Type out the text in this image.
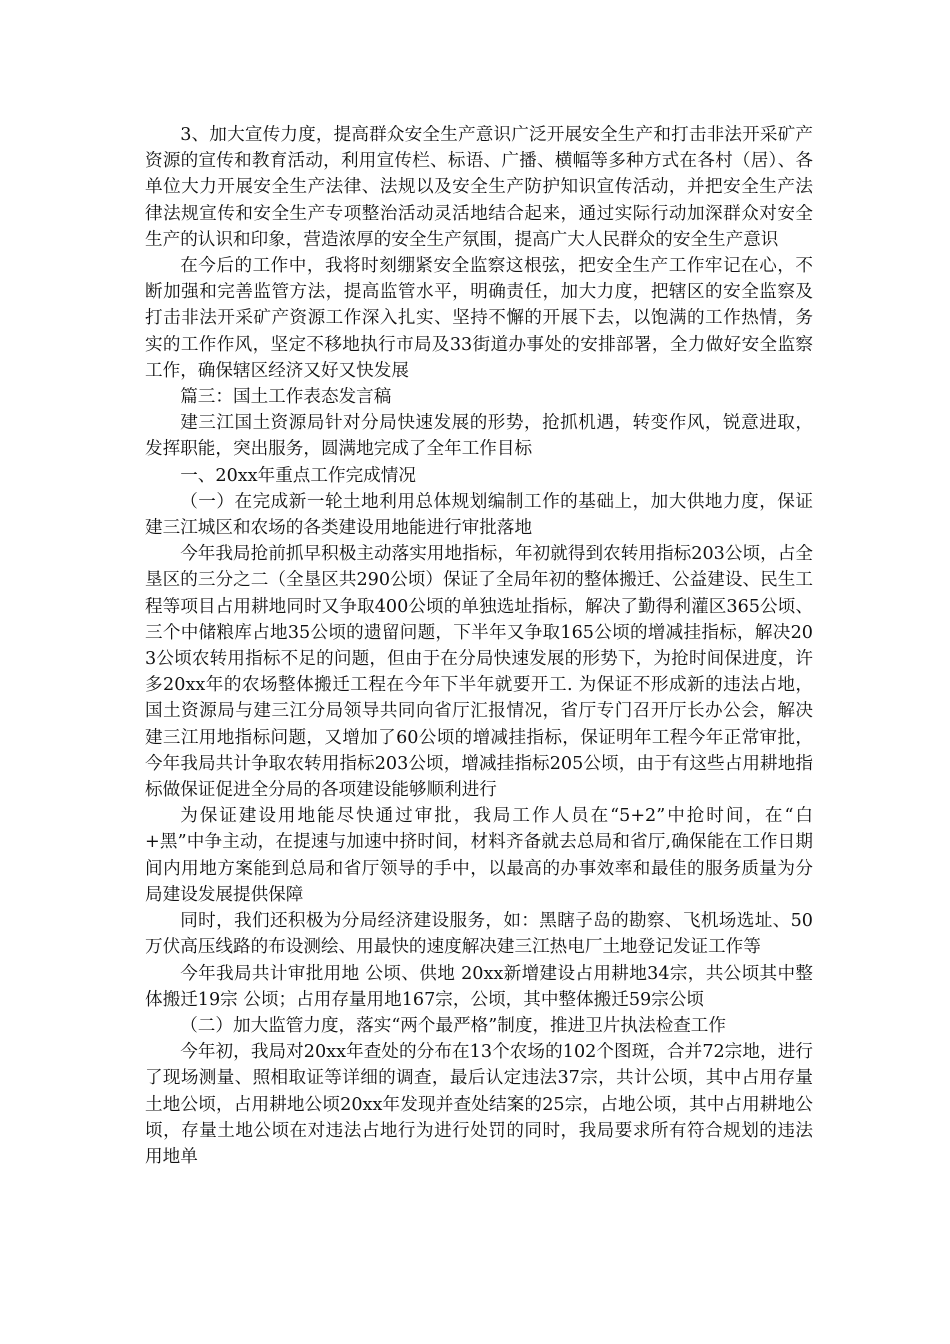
3、加大宣传力度，提高群众安全生产意识广泛开展安全生产和打击非法开采矿产资源的宣传和教育活动，利用宣传栏、标语、广播、横幅等多种方式在各村（居）、各单位大力开展安全生产法律、法规以及安全生产防护知识宣传活动，并把安全生产法律法规宣传和安全生产专项整治活动灵活地结合起来，通过实际行动加深群众对安全生产的认识和印象，营造浓厚的安全生产氛围，提高广大人民群众的安全生产意识

在今后的工作中，我将时刻绷紧安全监察这根弦，把安全生产工作牢记在心，不断加强和完善监管方法，提高监管水平，明确责任，加大力度，把辖区的安全监察及打击非法开采矿产资源工作深入扎实、坚持不懈的开展下去，以饱满的工作热情，务实的工作作风，坚定不移地执行市局及33街道办事处的安排部署，全力做好安全监察工作，确保辖区经济又好又快发展

篇三：国土工作表态发言稿

建三江国土资源局针对分局快速发展的形势，抢抓机遇，转变作风，锐意进取，发挥职能，突出服务，圆满地完成了全年工作目标

一、20xx年重点工作完成情况

（一）在完成新一轮土地利用总体规划编制工作的基础上，加大供地力度，保证建三江城区和农场的各类建设用地能进行审批落地

今年我局抢前抓早积极主动落实用地指标，年初就得到农转用指标203公顷，占全垦区的三分之二（全垦区共290公顷）保证了全局年初的整体搬迁、公益建设、民生工程等项目占用耕地同时又争取400公顷的单独选址指标，解决了勤得利灌区365公顷、三个中储粮库占地35公顷的遗留问题，下半年又争取165公顷的增减挂指标，解决203公顷农转用指标不足的问题，但由于在分局快速发展的形势下，为抢时间保进度，许多20xx年的农场整体搬迁工程在今年下半年就要开工. 为保证不形成新的违法占地，国土资源局与建三江分局领导共同向省厅汇报情况，省厅专门召开厅长办公会，解决建三江用地指标问题，又增加了60公顷的增减挂指标，保证明年工程今年正常审批，今年我局共计争取农转用指标203公顷，增减挂指标205公顷，由于有这些占用耕地指标做保证促进全分局的各项建设能够顺利进行

为保证建设用地能尽快通过审批，我局工作人员在“5+2”中抢时间，在“白+黑”中争主动，在提速与加速中挤时间，材料齐备就去总局和省厅,确保能在工作日期间内用地方案能到总局和省厅领导的手中，以最高的办事效率和最佳的服务质量为分局建设发展提供保障

同时，我们还积极为分局经济建设服务，如：黑瞎子岛的勘察、飞机场选址、50万伏高压线路的布设测绘、用最快的速度解决建三江热电厂土地登记发证工作等

今年我局共计审批用地 公顷、供地 20xx新增建设占用耕地34宗，共公顷其中整体搬迁19宗 公顷；占用存量用地167宗，公顷，其中整体搬迁59宗公顷

（二）加大监管力度，落实“两个最严格”制度，推进卫片执法检查工作

今年初，我局对20xx年查处的分布在13个农场的102个图斑，合并72宗地，进行了现场测量、照相取证等详细的调查，最后认定违法37宗，共计公顷，其中占用存量土地公顷，占用耕地公顷20xx年发现并查处结案的25宗，占地公顷，其中占用耕地公顷，存量土地公顷在对违法占地行为进行处罚的同时，我局要求所有符合规划的违法用地单
